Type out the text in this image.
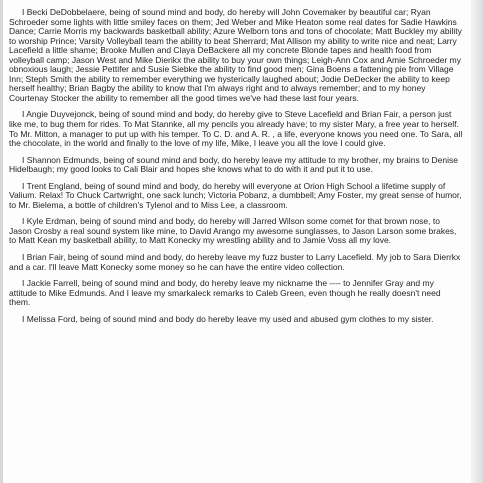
I Becki DeDobbelaere, being of sound mind and body, do hereby will John Covemaker by beautiful car; Ryan Schroeder some lights with little smiley faces on them; Jed Weber and Mike Heaton some real dates for Sadie Hawkins Dance; Carrie Morris my backwards basketball ability; Azure Welborn tons and tons of chocolate; Matt Buckley my ability to worship Prince; Varsity Volleyball team the ability to beat Sherrard; Mat Allison my ability to write nice and neat; Larry Lacefield a little shame; Brooke Mullen and Claya DeBackere all my concrete Blonde tapes and health food from volleyball camp; Jason West and Mike Dierikx the ability to buy your own things; Leigh-Ann Cox and Amie Schroeder my obnoxious laugh; Jessie Pettifer and Susie Siebke the ability to find good men; Gina Boens a fattening pie from Village Inn; Steph Smith the ability to remember everything we hysterically laughed about; Jodie DeDecker the ability to keep herself healthy; Brian Bagby the ability to know that I'm always right and to always remember; and to my honey Courtenay Stocker the ability to remember all the good times we've had these last four years.

I Angie Duyvejonck, being of sound mind and body, do hereby give to Steve Lacefield and Brian Fair, a person just like me, to bug them for rides. To Mat Stannke, all my pencils you already have; to my sister Mary, a free year to herself. To Mr. Mitton, a manager to put up with his temper. To C. D. and A. R. , a life, everyone knows you need one. To Sara, all the chocolate, in the world and finally to the love of my life, Mike, I leave you all the love I could give.

I Shannon Edmunds, being of sound mind and body, do hereby leave my attitude to my brother, my brains to Denise Hidelbaugh; my good looks to Cali Blair and hopes she knows what to do with it and put it to use.

I Trent England, being of sound mind and body, do hereby will everyone at Orion High School a lifetime supply of Valium. Relax! To Chuck Cartwright, one sack lunch; Victoria Pobanz, a dumbbell; Amy Foster, my great sense of humor, to Mr. Bielema, a bottle of children's Tylenol and to Miss Lee, a classroom.

I Kyle Erdman, being of sound mind and body, do hereby will Jarred Wilson some comet for that brown nose, to Jason Crosby a real sound system like mine, to David Arango my awesome sunglasses, to Jason Larson some brakes, to Matt Kean my basketball ability, to Matt Konecky my wrestling ability and to Jamie Voss all my love.

I Brian Fair, being of sound mind and body, do hereby leave my fuzz buster to Larry Lacefield. My job to Sara Dierrkx and a car. I'll leave Matt Konecky some money so he can have the entire video collection.

I Jackie Farrell, being of sound mind and body, do hereby leave my nickname the ---- to Jennifer Gray and my attitude to Mike Edmunds. And I leave my smarkaleck remarks to Caleb Green, even though he really doesn't need them.

I Melissa Ford, being of sound mind and body do hereby leave my used and abused gym clothes to my sister.
